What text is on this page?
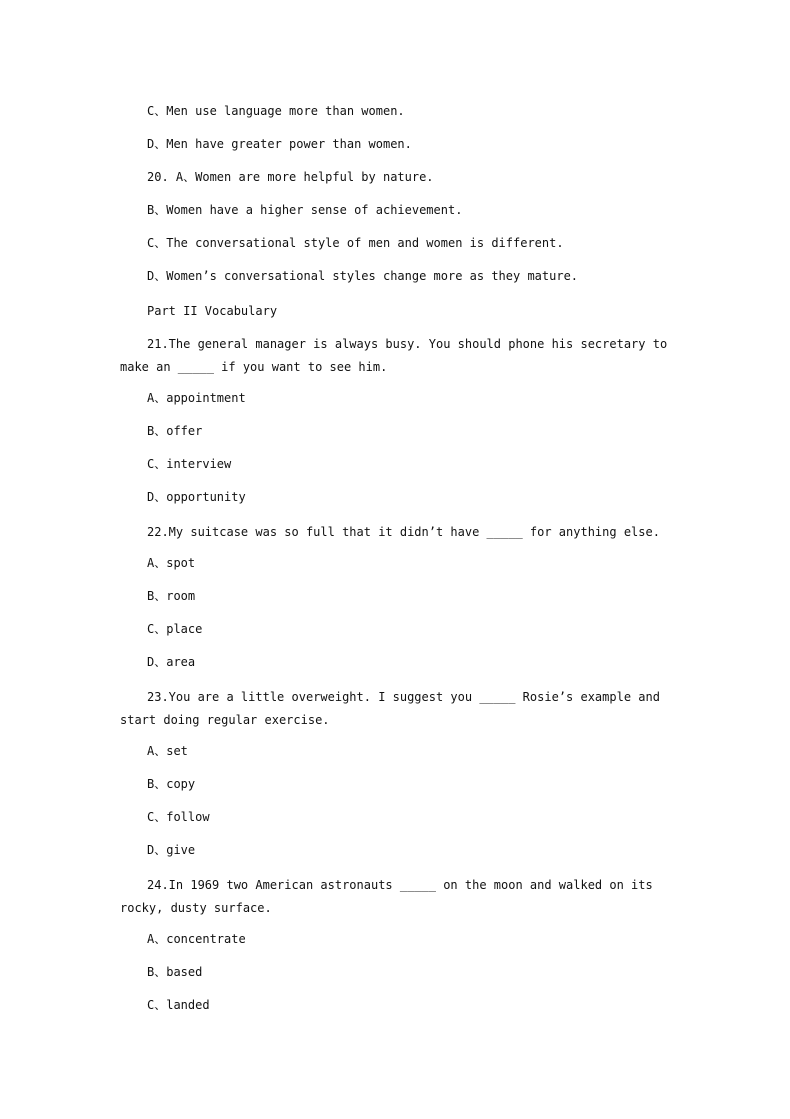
C、Men use language more than women.
D、Men have greater power than women.
20. A、Women are more helpful by nature.
B、Women have a higher sense of achievement.
C、The conversational style of men and women is different.
D、Women’s conversational styles change more as they mature.
Part II Vocabulary
21.The general manager is always busy. You should phone his secretary to
make an _____ if you want to see him.
A、appointment
B、offer
C、interview
D、opportunity
22.My suitcase was so full that it didn’t have _____ for anything else.
A、spot
B、room
C、place
D、area
23.You are a little overweight. I suggest you _____ Rosie’s example and
start doing regular exercise.
A、set
B、copy
C、follow
D、give
24.In 1969 two American astronauts _____ on the moon and walked on its
rocky, dusty surface.
A、concentrate
B、based
C、landed
